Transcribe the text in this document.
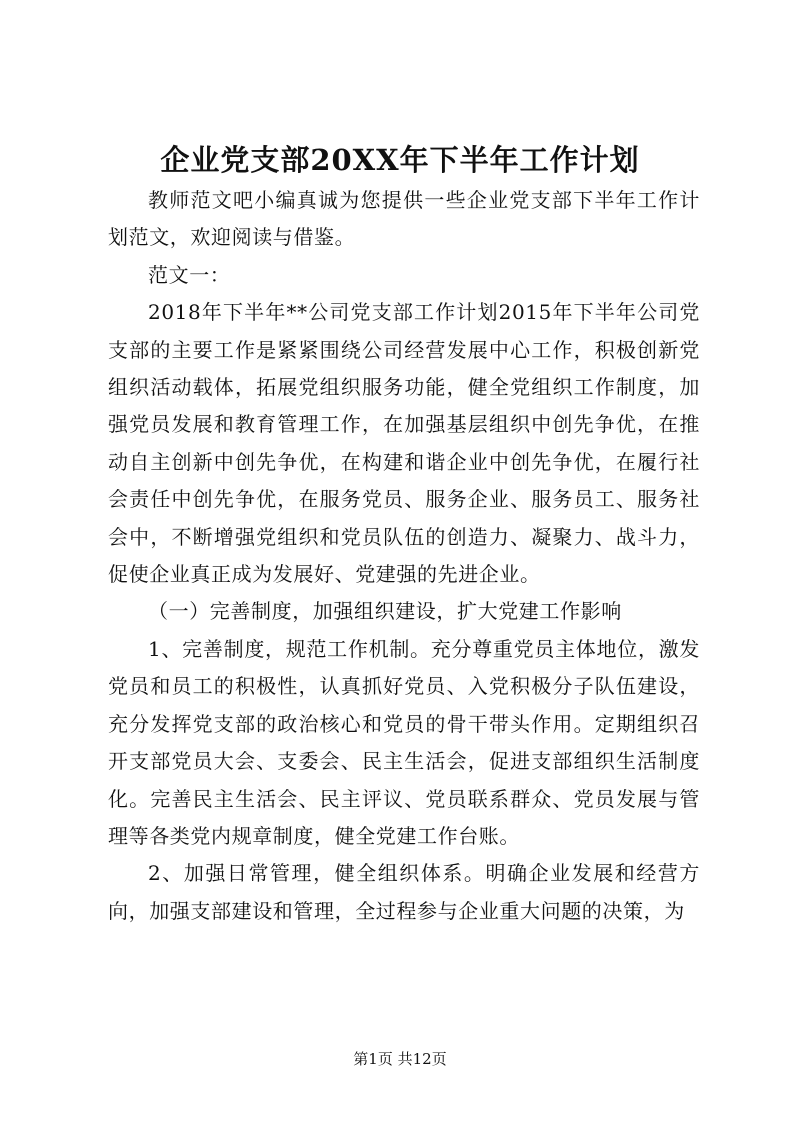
企业党支部20XX年下半年工作计划

教师范文吧小编真诚为您提供一些企业党支部下半年工作计划范文，欢迎阅读与借鉴。

范文一：

2018年下半年**公司党支部工作计划2015年下半年公司党支部的主要工作是紧紧围绕公司经营发展中心工作，积极创新党组织活动载体，拓展党组织服务功能，健全党组织工作制度，加强党员发展和教育管理工作，在加强基层组织中创先争优，在推动自主创新中创先争优，在构建和谐企业中创先争优，在履行社会责任中创先争优，在服务党员、服务企业、服务员工、服务社会中，不断增强党组织和党员队伍的创造力、凝聚力、战斗力，促使企业真正成为发展好、党建强的先进企业。

（一）完善制度，加强组织建设，扩大党建工作影响

1、完善制度，规范工作机制。充分尊重党员主体地位，激发党员和员工的积极性，认真抓好党员、入党积极分子队伍建设，充分发挥党支部的政治核心和党员的骨干带头作用。定期组织召开支部党员大会、支委会、民主生活会，促进支部组织生活制度化。完善民主生活会、民主评议、党员联系群众、党员发展与管理等各类党内规章制度，健全党建工作台账。

2、加强日常管理，健全组织体系。明确企业发展和经营方向，加强支部建设和管理，全过程参与企业重大问题的决策，为

第1页 共12页
